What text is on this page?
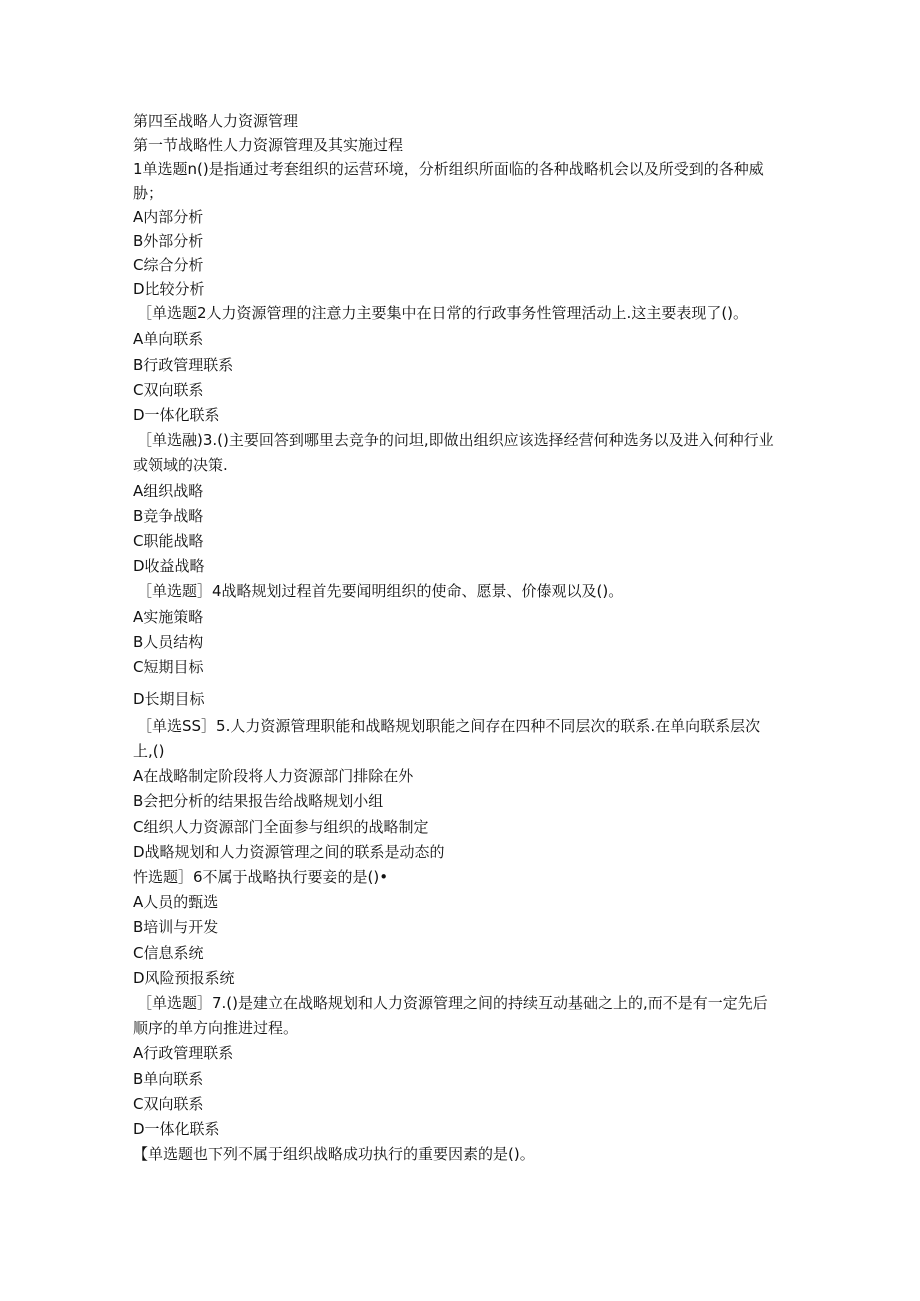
第四至战略人力资源管理
第一节战略性人力资源管理及其实施过程
1单选题n()是指通过考套组织的运营环境，分析组织所面临的各种战略机会以及所受到的各种威
胁；
A内部分析
B外部分析
C综合分析
D比较分析
［单选题2人力资源管理的注意力主要集中在日常的行政事务性管理活动上.这主要表现了()。
A单向联系
B行政管理联系
C双向联系
D一体化联系
［单选融)3.()主要回答到哪里去竞争的问坦,即做出组织应该选择经营何种选务以及进入何种行业
或领域的决策.
A组织战略
B竞争战略
C职能战略
D收益战略
［单选题］4战略规划过程首先要闻明组织的使命、愿景、价傣观以及()。
A实施策略
B人员结构
C短期目标
D长期目标
［单选SS］5.人力资源管理职能和战略规划职能之间存在四种不同层次的联系.在单向联系层次
上,()
A在战略制定阶段将人力资源部门排除在外
B会把分析的结果报告给战略规划小组
C组织人力资源部门全面参与组织的战略制定
D战略规划和人力资源管理之间的联系是动态的
忤选题］6不属于战略执行要妾的是()•
A人员的甄选
B培训与开发
C信息系统
D风险预报系统
［单选题］7.()是建立在战略规划和人力资源管理之间的持续互动基础之上的,而不是有一定先后
顺序的单方向推进过程。
A行政管理联系
B单向联系
C双向联系
D一体化联系
【单选题也下列不属于组织战略成功执行的重要因素的是()。
